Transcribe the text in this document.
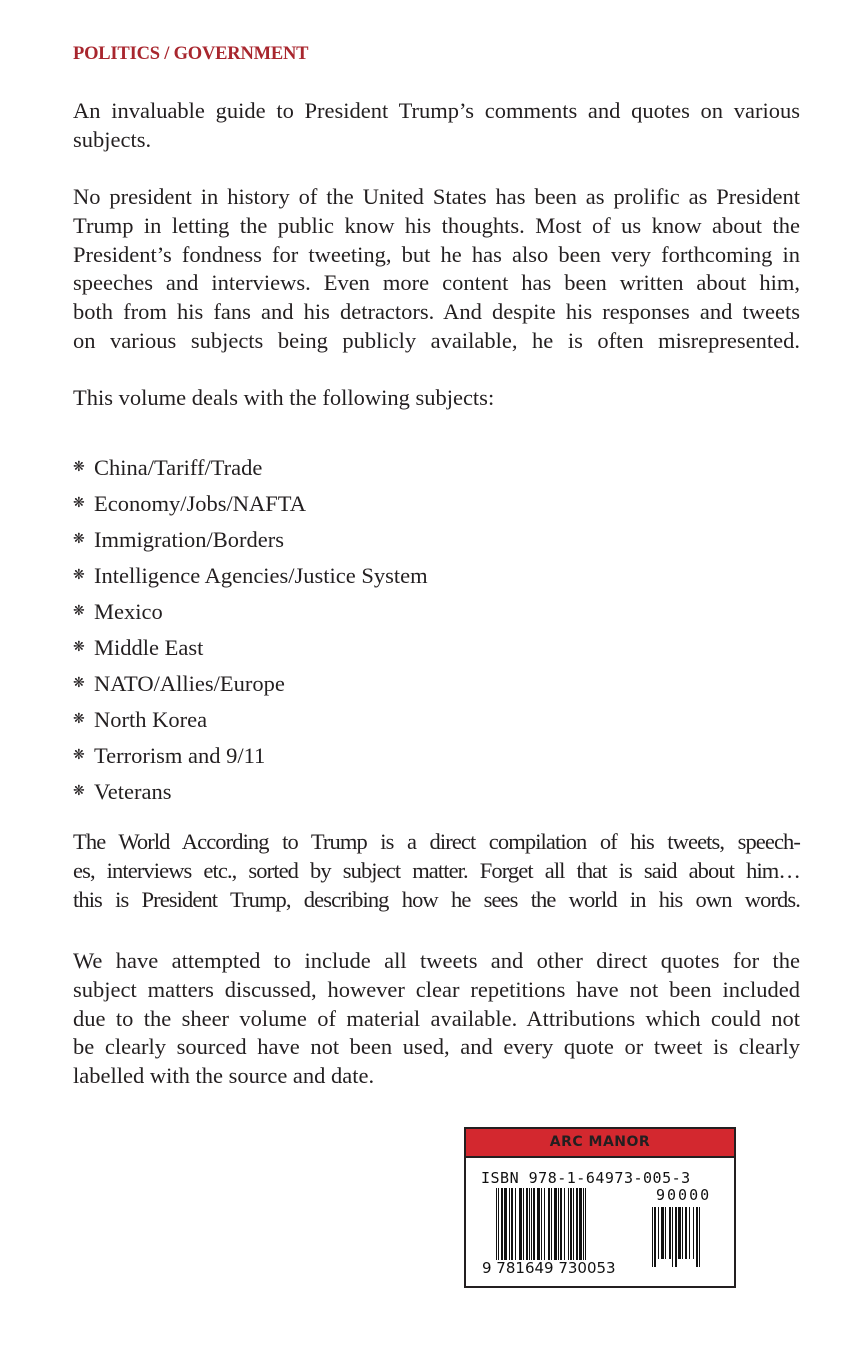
POLITICS / GOVERNMENT
An invaluable guide to President Trump’s comments and quotes on various
subjects.
No president in history of the United States has been as prolific as President
Trump in letting the public know his thoughts. Most of us know about the
President’s fondness for tweeting, but he has also been very forthcoming in
speeches and interviews. Even more content has been written about him,
both from his fans and his detractors. And despite his responses and tweets
on various subjects being publicly available, he is often misrepresented.
This volume deals with the following subjects:
❋ China/Tariff/Trade
❋ Economy/Jobs/NAFTA
❋ Immigration/Borders
❋ Intelligence Agencies/Justice System
❋ Mexico
❋ Middle East
❋ NATO/Allies/Europe
❋ North Korea
❋ Terrorism and 9/11
❋ Veterans
The World According to Trump is a direct compilation of his tweets, speech-
es, interviews etc., sorted by subject matter. Forget all that is said about him…
this is President Trump, describing how he sees the world in his own words.
We have attempted to include all tweets and other direct quotes for the
subject matters discussed, however clear repetitions have not been included
due to the sheer volume of material available. Attributions which could not
be clearly sourced have not been used, and every quote or tweet is clearly
labelled with the source and date.
ARC MANOR
ISBN 978-1-64973-005-3
90000
9 781649 730053
